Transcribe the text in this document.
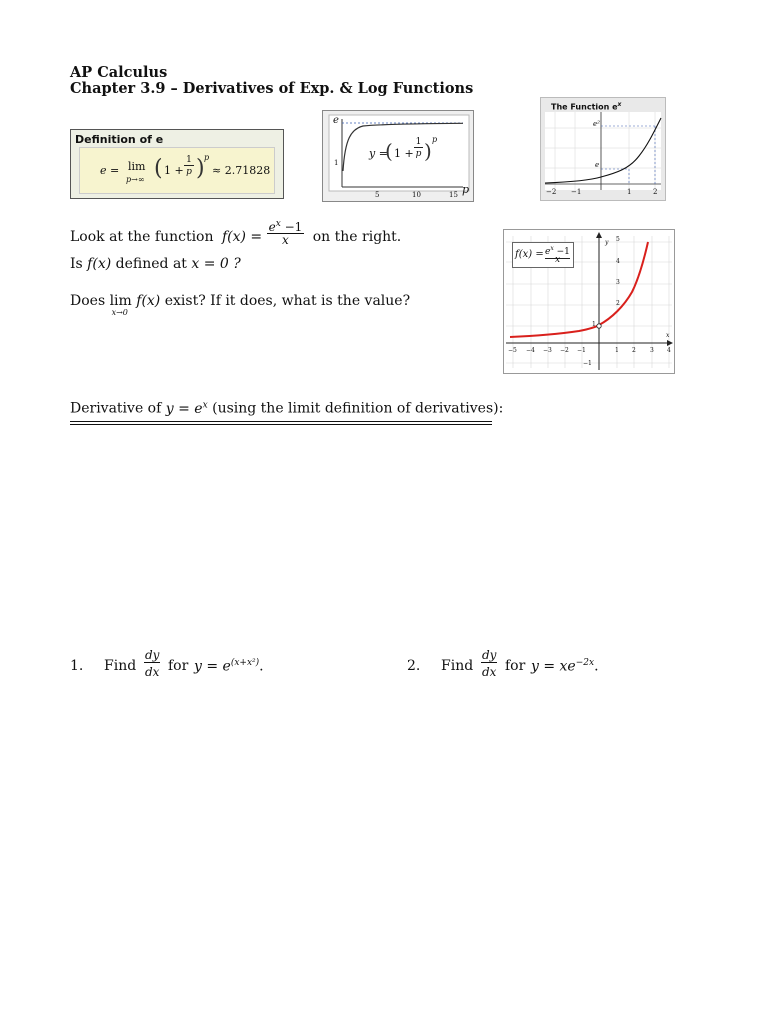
AP Calculus
Chapter 3.9 – Derivatives of Exp. & Log Functions
Definition of e
e = lim
p→∞ ( 1 +
1
p ) p
≈ 2.71828
e
1
5	10	15 p
y =
( 1 +
1
p ) p
The Function $e^x$
e²
e
−2 −1	1	2
Look at the function $f(x) = \frac{e^x -1}{x}$ on the right.
Is f(x) defined at x = 0 ?
Does lim
x→0
f(x) exist? If it does, what is the value?
$f(x) = e^x -1$
x
5
y
4
3
2
1
−1
x
−5 −4 −3 −2 −1	1 2 3 4
Derivative of $y = e^x$ (using the limit definition of derivatives):
1. Find
dy
dx for $y = e^{(x+x^2)}$.	2. Find
dy
dx for $y = xe^{-2x}$.
